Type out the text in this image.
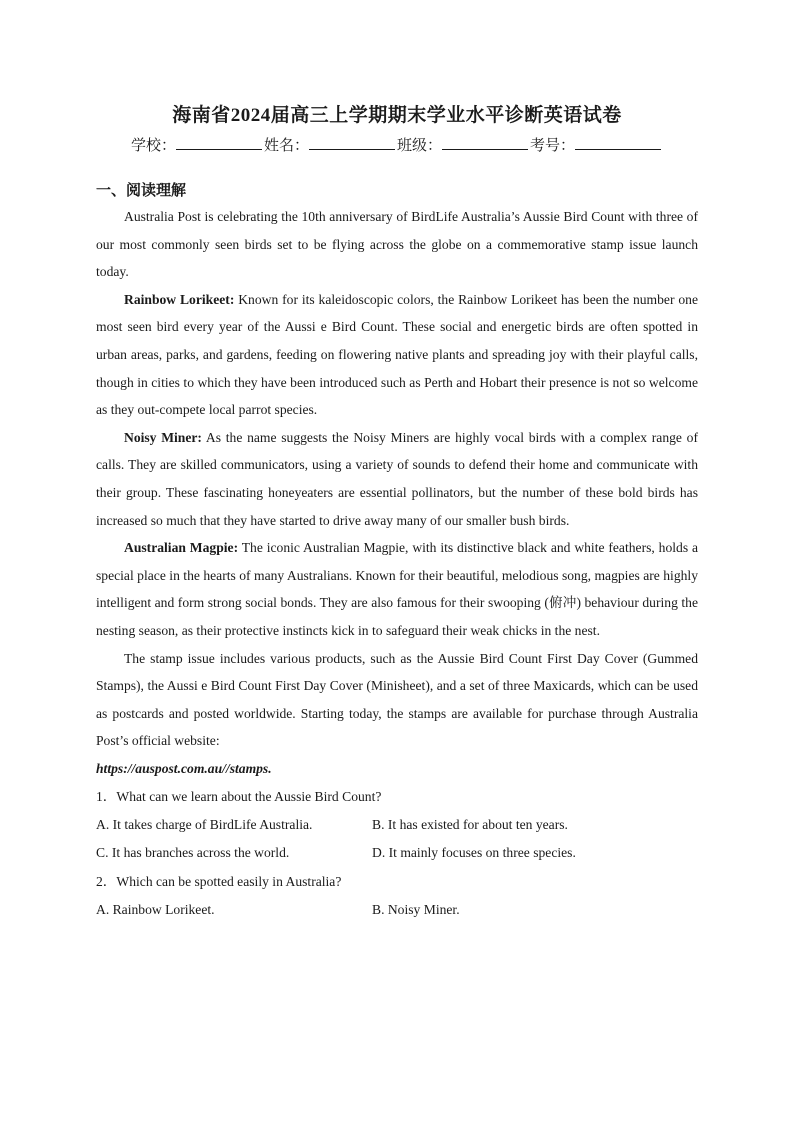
海南省2024届高三上学期期末学业水平诊断英语试卷
学校：	姓名：	班级：	考号：
一、阅读理解

Australia Post is celebrating the 10th anniversary of BirdLife Australia’s Aussie Bird Count with three of our most commonly seen birds set to be flying across the globe on a commemorative stamp issue launch today.

Rainbow Lorikeet: Known for its kaleidoscopic colors, the Rainbow Lorikeet has been the number one most seen bird every year of the Aussi e Bird Count. These social and energetic birds are often spotted in urban areas, parks, and gardens, feeding on flowering native plants and spreading joy with their playful calls, though in cities to which they have been introduced such as Perth and Hobart their presence is not so welcome as they out-compete local parrot species.

Noisy Miner: As the name suggests the Noisy Miners are highly vocal birds with a complex range of calls. They are skilled communicators, using a variety of sounds to defend their home and communicate with their group. These fascinating honeyeaters are essential pollinators, but the number of these bold birds has increased so much that they have started to drive away many of our smaller bush birds.

Australian Magpie: The iconic Australian Magpie, with its distinctive black and white feathers, holds a special place in the hearts of many Australians. Known for their beautiful, melodious song, magpies are highly intelligent and form strong social bonds. They are also famous for their swooping (俯冲) behaviour during the nesting season, as their protective instincts kick in to safeguard their weak chicks in the nest.

The stamp issue includes various products, such as the Aussie Bird Count First Day Cover (Gummed Stamps), the Aussi e Bird Count First Day Cover (Minisheet), and a set of three Maxicards, which can be used as postcards and posted worldwide. Starting today, the stamps are available for purchase through Australia Post’s official website:

https://auspost.com.au//stamps.

1．What can we learn about the Aussie Bird Count?

A. It takes charge of BirdLife Australia.	B. It has existed for about ten years.
C. It has branches across the world.	D. It mainly focuses on three species.

2．Which can be spotted easily in Australia?

A. Rainbow Lorikeet.	B. Noisy Miner.
